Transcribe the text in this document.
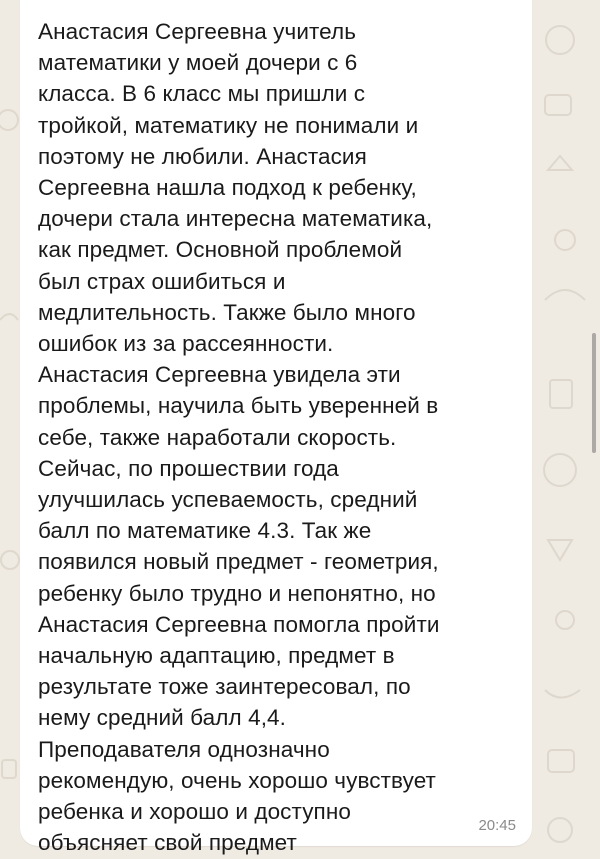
Анастасия Сергеевна учитель
математики у моей дочери с 6
класса. В 6 класс мы пришли с
тройкой, математику не понимали и
поэтому не любили. Анастасия
Сергеевна нашла подход к ребенку,
дочери стала интересна математика,
как предмет. Основной проблемой
был страх ошибиться и
медлительность. Также было много
ошибок из за рассеянности.
Анастасия Сергеевна увидела эти
проблемы, научила быть уверенней в
себе, также наработали скорость.
Сейчас, по прошествии года
улучшилась успеваемость, средний
балл по математике 4.3. Так же
появился новый предмет - геометрия,
ребенку было трудно и непонятно, но
Анастасия Сергеевна помогла пройти
начальную адаптацию, предмет в
результате тоже заинтересовал, по
нему средний балл 4,4.
Преподавателя однозначно
рекомендую, очень хорошо чувствует
ребенка и хорошо и доступно
объясняет свой предмет

20:45
